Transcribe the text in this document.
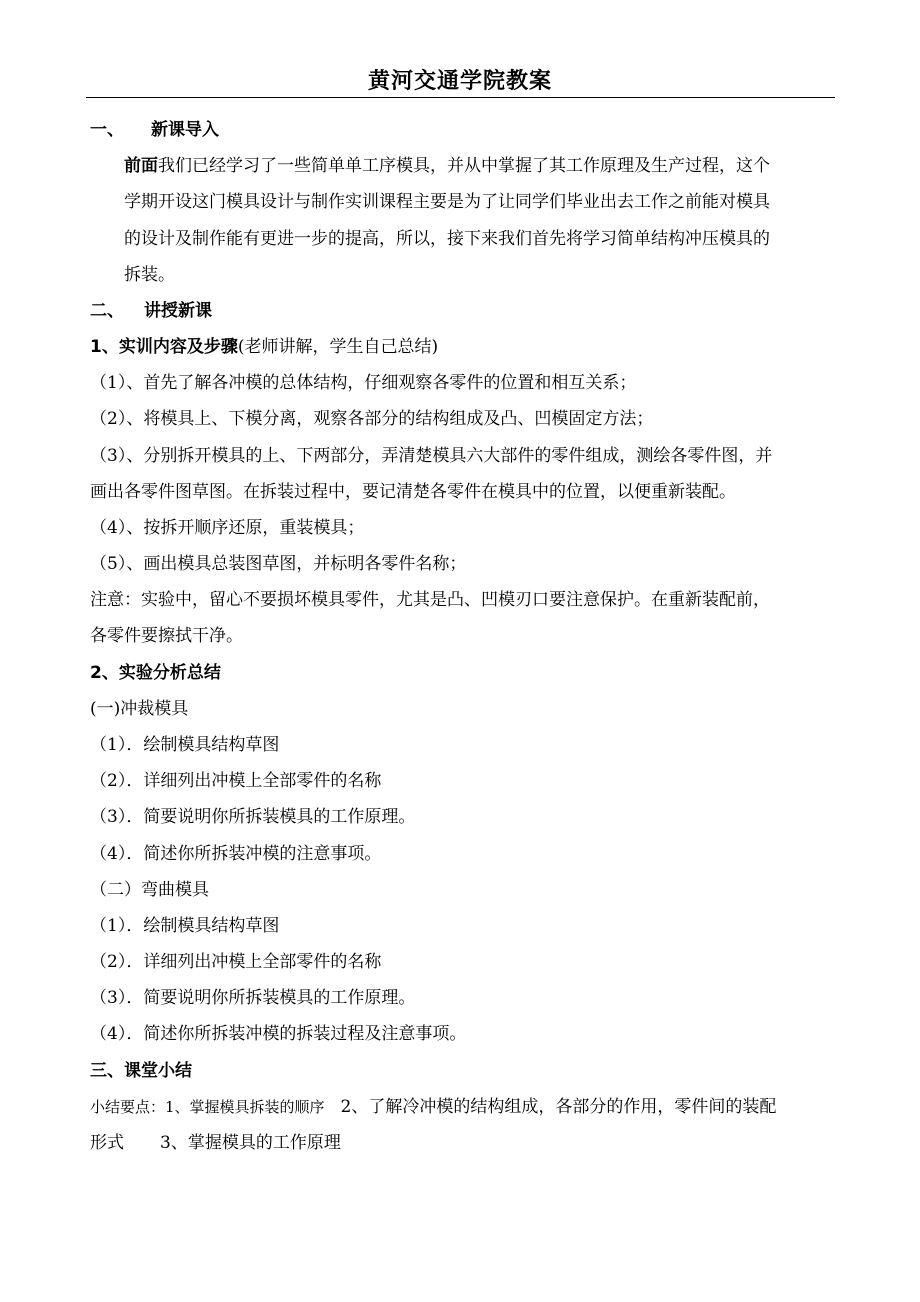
黄河交通学院教案
一、 新课导入
前面我们已经学习了一些简单单工序模具，并从中掌握了其工作原理及生产过程，这个
学期开设这门模具设计与制作实训课程主要是为了让同学们毕业出去工作之前能对模具
的设计及制作能有更进一步的提高，所以，接下来我们首先将学习简单结构冲压模具的
拆装。
二、 讲授新课
1、实训内容及步骤(老师讲解，学生自己总结)
（1）、首先了解各冲模的总体结构，仔细观察各零件的位置和相互关系；
（2）、将模具上、下模分离，观察各部分的结构组成及凸、凹模固定方法；
（3）、分别拆开模具的上、下两部分，弄清楚模具六大部件的零件组成，测绘各零件图，并
画出各零件图草图。在拆装过程中，要记清楚各零件在模具中的位置，以便重新装配。
（4）、按拆开顺序还原，重装模具；
（5）、画出模具总装图草图，并标明各零件名称；
注意：实验中，留心不要损坏模具零件，尤其是凸、凹模刃口要注意保护。在重新装配前，
各零件要擦拭干净。
2、实验分析总结
(一)冲裁模具
（1）．绘制模具结构草图
（2）．详细列出冲模上全部零件的名称
（3）．简要说明你所拆装模具的工作原理。
（4）．简述你所拆装冲模的注意事项。
（二）弯曲模具
（1）．绘制模具结构草图
（2）．详细列出冲模上全部零件的名称
（3）．简要说明你所拆装模具的工作原理。
（4）．简述你所拆装冲模的拆装过程及注意事项。
三、课堂小结
小结要点：1、掌握模具拆装的顺序 2、了解冷冲模的结构组成，各部分的作用，零件间的装配
形式 3、掌握模具的工作原理
